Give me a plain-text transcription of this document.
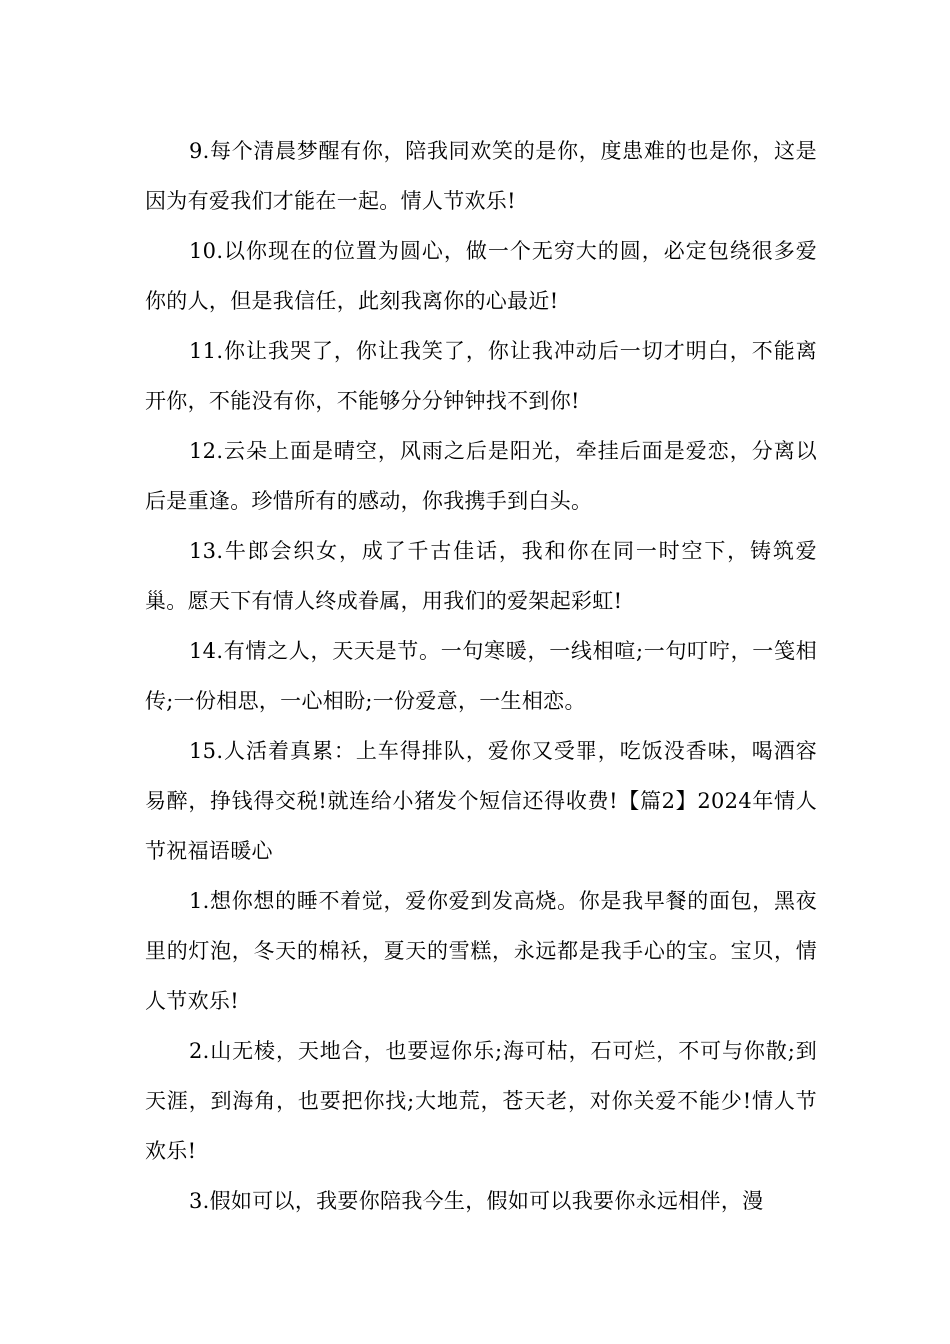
9.每个清晨梦醒有你，陪我同欢笑的是你，度患难的也是你，这是因为有爱我们才能在一起。情人节欢乐!

10.以你现在的位置为圆心，做一个无穷大的圆，必定包绕很多爱你的人，但是我信任，此刻我离你的心最近!

11.你让我哭了，你让我笑了，你让我冲动后一切才明白，不能离开你，不能没有你，不能够分分钟钟找不到你!

12.云朵上面是晴空，风雨之后是阳光，牵挂后面是爱恋，分离以后是重逢。珍惜所有的感动，你我携手到白头。

13.牛郎会织女，成了千古佳话，我和你在同一时空下，铸筑爱巢。愿天下有情人终成眷属，用我们的爱架起彩虹!

14.有情之人，天天是节。一句寒暖，一线相喧;一句叮咛，一笺相传;一份相思，一心相盼;一份爱意，一生相恋。

15.人活着真累：上车得排队，爱你又受罪，吃饭没香味，喝酒容易醉，挣钱得交税!就连给小猪发个短信还得收费!【篇2】2024年情人节祝福语暖心

1.想你想的睡不着觉，爱你爱到发高烧。你是我早餐的面包，黑夜里的灯泡，冬天的棉袄，夏天的雪糕，永远都是我手心的宝。宝贝，情人节欢乐!

2.山无棱，天地合，也要逗你乐;海可枯，石可烂，不可与你散;到天涯，到海角，也要把你找;大地荒，苍天老，对你关爱不能少!情人节欢乐!

3.假如可以，我要你陪我今生，假如可以我要你永远相伴，漫
